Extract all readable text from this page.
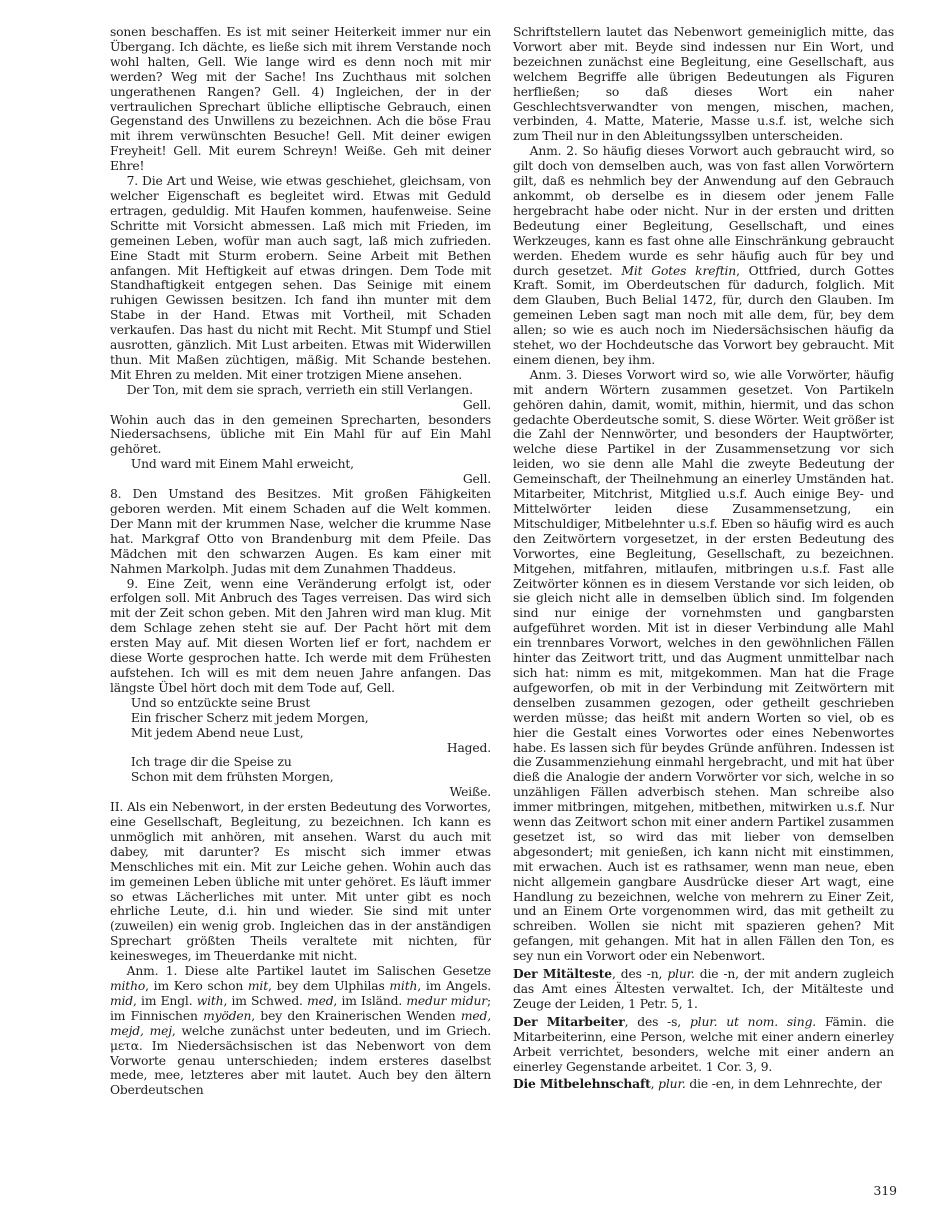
sonen beschaffen. Es ist mit seiner Heiterkeit immer nur ein Übergang. Ich dächte, es ließe sich mit ihrem Verstande noch wohl halten, Gell. Wie lange wird es denn noch mit mir werden? Weg mit der Sache! Ins Zuchthaus mit solchen ungerathenen Rangen? Gell. 4) Ingleichen, der in der vertraulichen Sprechart übliche elliptische Gebrauch, einen Gegenstand des Unwillens zu bezeichnen. Ach die böse Frau mit ihrem verwünschten Besuche! Gell. Mit deiner ewigen Freyheit! Gell. Mit eurem Schreyn! Weiße. Geh mit deiner Ehre!

7. Die Art und Weise, wie etwas geschiehet, gleichsam, von welcher Eigenschaft es begleitet wird. Etwas mit Geduld ertragen, geduldig. Mit Haufen kommen, haufenweise. Seine Schritte mit Vorsicht abmessen. Laß mich mit Frieden, im gemeinen Leben, wofür man auch sagt, laß mich zufrieden. Eine Stadt mit Sturm erobern. Seine Arbeit mit Bethen anfangen. Mit Heftigkeit auf etwas dringen. Dem Tode mit Standhaftigkeit entgegen sehen. Das Seinige mit einem ruhigen Gewissen besitzen. Ich fand ihn munter mit dem Stabe in der Hand. Etwas mit Vortheil, mit Schaden verkaufen. Das hast du nicht mit Recht. Mit Stumpf und Stiel ausrotten, gänzlich. Mit Lust arbeiten. Etwas mit Widerwillen thun. Mit Maßen züchtigen, mäßig. Mit Schande bestehen. Mit Ehren zu melden. Mit einer trotzigen Miene ansehen.

Der Ton, mit dem sie sprach, verrieth ein still Verlangen.

Gell.

Wohin auch das in den gemeinen Sprecharten, besonders Niedersachsens, übliche mit Ein Mahl für auf Ein Mahl gehöret.

Und ward mit Einem Mahl erweicht,

Gell.

8. Den Umstand des Besitzes. Mit großen Fähigkeiten geboren werden. Mit einem Schaden auf die Welt kommen. Der Mann mit der krummen Nase, welcher die krumme Nase hat. Markgraf Otto von Brandenburg mit dem Pfeile. Das Mädchen mit den schwarzen Augen. Es kam einer mit Nahmen Markolph. Judas mit dem Zunahmen Thaddeus.

9. Eine Zeit, wenn eine Veränderung erfolgt ist, oder erfolgen soll. Mit Anbruch des Tages verreisen. Das wird sich mit der Zeit schon geben. Mit den Jahren wird man klug. Mit dem Schlage zehen steht sie auf. Der Pacht hört mit dem ersten May auf. Mit diesen Worten lief er fort, nachdem er diese Worte gesprochen hatte. Ich werde mit dem Frühesten aufstehen. Ich will es mit dem neuen Jahre anfangen. Das längste Übel hört doch mit dem Tode auf, Gell.

Und so entzückte seine Brust

Ein frischer Scherz mit jedem Morgen,

Mit jedem Abend neue Lust,

Haged.

Ich trage dir die Speise zu

Schon mit dem frühsten Morgen,

Weiße.

II. Als ein Nebenwort, in der ersten Bedeutung des Vorwortes, eine Gesellschaft, Begleitung, zu bezeichnen. Ich kann es unmöglich mit anhören, mit ansehen. Warst du auch mit dabey, mit darunter? Es mischt sich immer etwas Menschliches mit ein. Mit zur Leiche gehen. Wohin auch das im gemeinen Leben übliche mit unter gehöret. Es läuft immer so etwas Lächerliches mit unter. Mit unter gibt es noch ehrliche Leute, d.i. hin und wieder. Sie sind mit unter (zuweilen) ein wenig grob. Ingleichen das in der anständigen Sprechart größten Theils veraltete mit nichten, für keinesweges, im Theuerdanke mit nicht.

Anm. 1. Diese alte Partikel lautet im Salischen Gesetze mitho, im Kero schon mit, bey dem Ulphilas mith, im Angels. mid, im Engl. with, im Schwed. med, im Isländ. medur midur; im Finnischen myöden, bey den Krainerischen Wenden med, mejd, mej, welche zunächst unter bedeuten, und im Griech. μετα. Im Niedersächsischen ist das Nebenwort von dem Vorworte genau unterschieden; indem ersteres daselbst mede, mee, letzteres aber mit lautet. Auch bey den ältern Oberdeutschen

Schriftstellern lautet das Nebenwort gemeiniglich mitte, das Vorwort aber mit. Beyde sind indessen nur Ein Wort, und bezeichnen zunächst eine Begleitung, eine Gesellschaft, aus welchem Begriffe alle übrigen Bedeutungen als Figuren herfließen; so daß dieses Wort ein naher Geschlechtsverwandter von mengen, mischen, machen, verbinden, 4. Matte, Materie, Masse u.s.f. ist, welche sich zum Theil nur in den Ableitungssylben unterscheiden.

Anm. 2. So häufig dieses Vorwort auch gebraucht wird, so gilt doch von demselben auch, was von fast allen Vorwörtern gilt, daß es nehmlich bey der Anwendung auf den Gebrauch ankommt, ob derselbe es in diesem oder jenem Falle hergebracht habe oder nicht. Nur in der ersten und dritten Bedeutung einer Begleitung, Gesellschaft, und eines Werkzeuges, kann es fast ohne alle Einschränkung gebraucht werden. Ehedem wurde es sehr häufig auch für bey und durch gesetzet. Mit Gotes kreftin, Ottfried, durch Gottes Kraft. Somit, im Oberdeutschen für dadurch, folglich. Mit dem Glauben, Buch Belial 1472, für, durch den Glauben. Im gemeinen Leben sagt man noch mit alle dem, für, bey dem allen; so wie es auch noch im Niedersächsischen häufig da stehet, wo der Hochdeutsche das Vorwort bey gebraucht. Mit einem dienen, bey ihm.

Anm. 3. Dieses Vorwort wird so, wie alle Vorwörter, häufig mit andern Wörtern zusammen gesetzet. Von Partikeln gehören dahin, damit, womit, mithin, hiermit, und das schon gedachte Oberdeutsche somit, S. diese Wörter. Weit größer ist die Zahl der Nennwörter, und besonders der Hauptwörter, welche diese Partikel in der Zusammensetzung vor sich leiden, wo sie denn alle Mahl die zweyte Bedeutung der Gemeinschaft, der Theilnehmung an einerley Umständen hat. Mitarbeiter, Mitchrist, Mitglied u.s.f. Auch einige Bey- und Mittelwörter leiden diese Zusammensetzung, ein Mitschuldiger, Mitbelehnter u.s.f. Eben so häufig wird es auch den Zeitwörtern vorgesetzet, in der ersten Bedeutung des Vorwortes, eine Begleitung, Gesellschaft, zu bezeichnen. Mitgehen, mitfahren, mitlaufen, mitbringen u.s.f. Fast alle Zeitwörter können es in diesem Verstande vor sich leiden, ob sie gleich nicht alle in demselben üblich sind. Im folgenden sind nur einige der vornehmsten und gangbarsten aufgeführet worden. Mit ist in dieser Verbindung alle Mahl ein trennbares Vorwort, welches in den gewöhnlichen Fällen hinter das Zeitwort tritt, und das Augment unmittelbar nach sich hat: nimm es mit, mitgekommen. Man hat die Frage aufgeworfen, ob mit in der Verbindung mit Zeitwörtern mit denselben zusammen gezogen, oder getheilt geschrieben werden müsse; das heißt mit andern Worten so viel, ob es hier die Gestalt eines Vorwortes oder eines Nebenwortes habe. Es lassen sich für beydes Gründe anführen. Indessen ist die Zusammenziehung einmahl hergebracht, und mit hat über dieß die Analogie der andern Vorwörter vor sich, welche in so unzähligen Fällen adverbisch stehen. Man schreibe also immer mitbringen, mitgehen, mitbethen, mitwirken u.s.f. Nur wenn das Zeitwort schon mit einer andern Partikel zusammen gesetzet ist, so wird das mit lieber von demselben abgesondert; mit genießen, ich kann nicht mit einstimmen, mit erwachen. Auch ist es rathsamer, wenn man neue, eben nicht allgemein gangbare Ausdrücke dieser Art wagt, eine Handlung zu bezeichnen, welche von mehrern zu Einer Zeit, und an Einem Orte vorgenommen wird, das mit getheilt zu schreiben. Wollen sie nicht mit spazieren gehen? Mit gefangen, mit gehangen. Mit hat in allen Fällen den Ton, es sey nun ein Vorwort oder ein Nebenwort.

Der Mitälteste, des -n, plur. die -n, der mit andern zugleich das Amt eines Ältesten verwaltet. Ich, der Mitälteste und Zeuge der Leiden, 1 Petr. 5, 1.

Der Mitarbeiter, des -s, plur. ut nom. sing. Fämin. die Mitarbeiterinn, eine Person, welche mit einer andern einerley Arbeit verrichtet, besonders, welche mit einer andern an einerley Gegenstande arbeitet. 1 Cor. 3, 9.

Die Mitbelehnschaft, plur. die -en, in dem Lehnrechte, der

319
